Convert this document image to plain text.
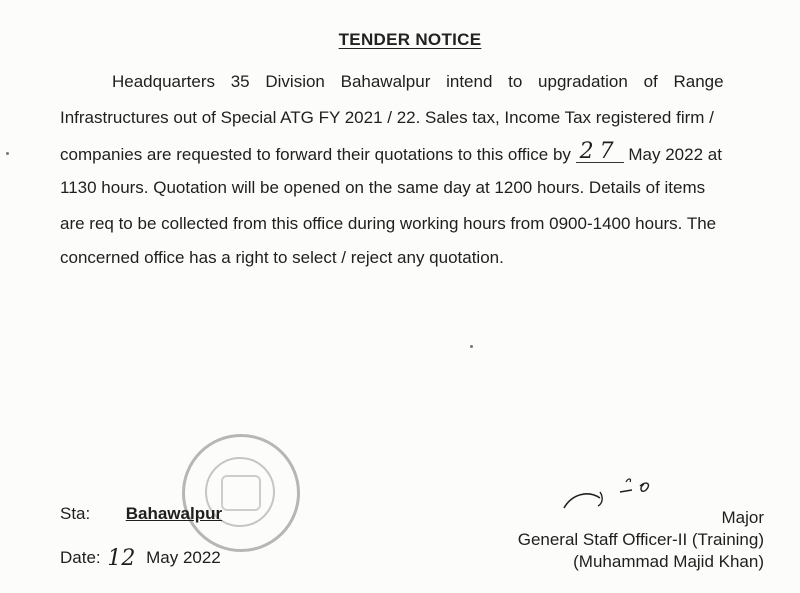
TENDER NOTICE
Headquarters 35 Division Bahawalpur intend to upgradation of Range
Infrastructures out of Special ATG FY 2021 / 22. Sales tax, Income Tax registered firm /
companies are requested to forward their quotations to this office by 27 May 2022 at
1130 hours. Quotation will be opened on the same day at 1200 hours. Details of items
are req to be collected from this office during working hours from 0900-1400 hours. The
concerned office has a right to select / reject any quotation.
Sta: Bahawalpur
Date: 12 May 2022
Major
General Staff Officer-II (Training)
(Muhammad Majid Khan)
